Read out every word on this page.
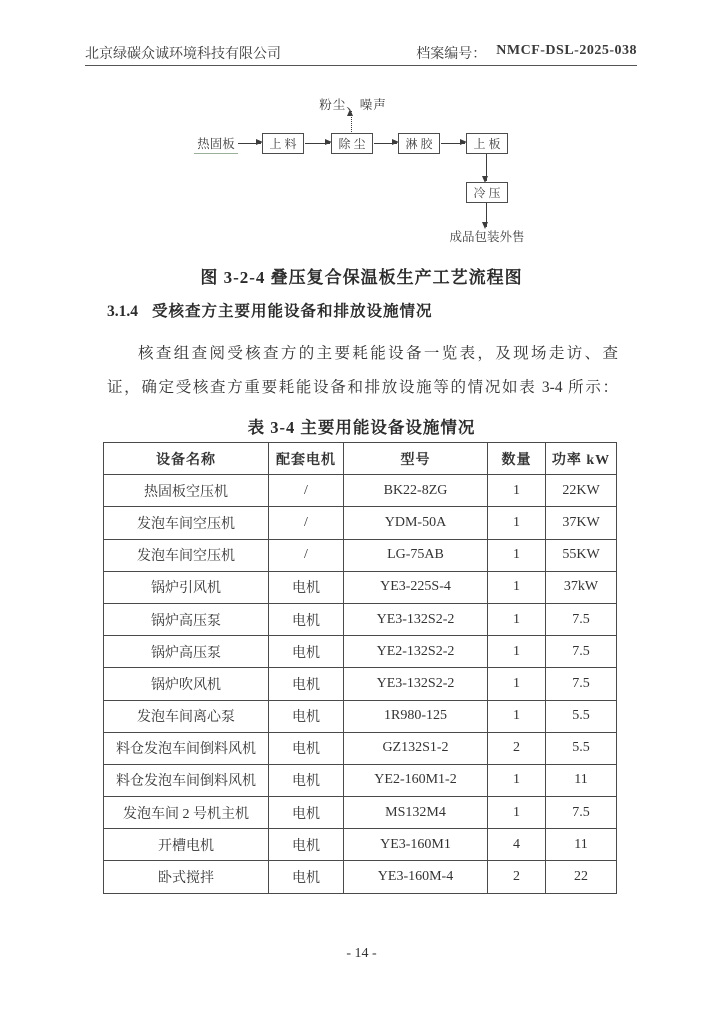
北京绿碳众诚环境科技有限公司	档案编号： NMCF-DSL-2025-038
粉尘、噪声
热固板	上 料	除 尘	淋 胶	上 板
冷 压
成品包装外售
图 3-2-4 叠压复合保温板生产工艺流程图
3.1.4 受核查方主要用能设备和排放设施情况
核查组查阅受核查方的主要耗能设备一览表，及现场走访、查
证，确定受核查方重要耗能设备和排放设施等的情况如表 3-4 所示：
表 3-4 主要用能设备设施情况
设备名称	配套电机	型号	数量	功率 kW
热固板空压机	/	BK22-8ZG	1	22KW
发泡车间空压机	/	YDM-50A	1	37KW
发泡车间空压机	/	LG-75AB	1	55KW
锅炉引风机	电机	YE3-225S-4	1	37kW
锅炉高压泵	电机	YE3-132S2-2	1	7.5
锅炉高压泵	电机	YE2-132S2-2	1	7.5
锅炉吹风机	电机	YE3-132S2-2	1	7.5
发泡车间离心泵	电机	1R980-125	1	5.5
料仓发泡车间倒料风机	电机	GZ132S1-2	2	5.5
料仓发泡车间倒料风机	电机	YE2-160M1-2	1	11
发泡车间 2 号机主机	电机	MS132M4	1	7.5
开槽电机	电机	YE3-160M1	4	11
卧式搅拌	电机	YE3-160M-4	2	22
- 14 -
